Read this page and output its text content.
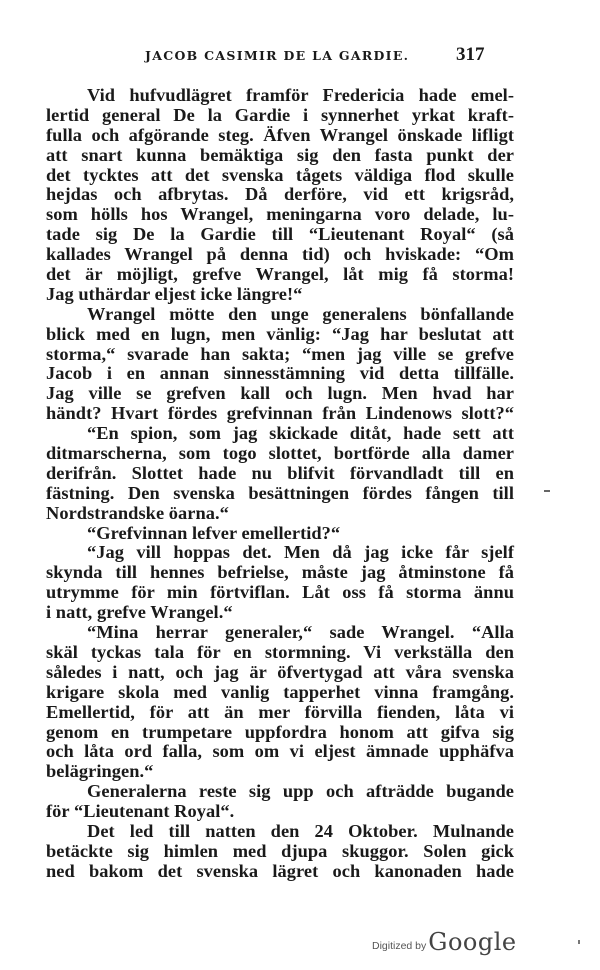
JACOB CASIMIR DE LA GARDIE. 317
Vid hufvudlägret framför Fredericia hade emel-
lertid general De la Gardie i synnerhet yrkat kraft-
fulla och afgörande steg. Äfven Wrangel önskade lifligt
att snart kunna bemäktiga sig den fasta punkt der
det tycktes att det svenska tågets väldiga flod skulle
hejdas och afbrytas. Då derföre, vid ett krigsråd,
som hölls hos Wrangel, meningarna voro delade, lu-
tade sig De la Gardie till “Lieutenant Royal“ (så
kallades Wrangel på denna tid) och hviskade: “Om
det är möjligt, grefve Wrangel, låt mig få storma!
Jag uthärdar eljest icke längre!“
Wrangel mötte den unge generalens bönfallande
blick med en lugn, men vänlig: “Jag har beslutat att
storma,“ svarade han sakta; “men jag ville se grefve
Jacob i en annan sinnesstämning vid detta tillfälle.
Jag ville se grefven kall och lugn. Men hvad har
händt? Hvart fördes grefvinnan från Lindenows slott?“
“En spion, som jag skickade ditåt, hade sett att
ditmarscherna, som togo slottet, bortförde alla damer
derifrån. Slottet hade nu blifvit förvandladt till en
fästning. Den svenska besättningen fördes fången till
Nordstrandske öarna.“
“Grefvinnan lefver emellertid?“
“Jag vill hoppas det. Men då jag icke får sjelf
skynda till hennes befrielse, måste jag åtminstone få
utrymme för min förtviflan. Låt oss få storma ännu
i natt, grefve Wrangel.“
“Mina herrar generaler,“ sade Wrangel. “Alla
skäl tyckas tala för en stormning. Vi verkställa den
således i natt, och jag är öfvertygad att våra svenska
krigare skola med vanlig tapperhet vinna framgång.
Emellertid, för att än mer förvilla fienden, låta vi
genom en trumpetare uppfordra honom att gifva sig
och låta ord falla, som om vi eljest ämnade upphäfva
belägringen.“
Generalerna reste sig upp och afträdde bugande
för “Lieutenant Royal“.
Det led till natten den 24 Oktober. Mulnande
betäckte sig himlen med djupa skuggor. Solen gick
ned bakom det svenska lägret och kanonaden hade
Digitized by Google
